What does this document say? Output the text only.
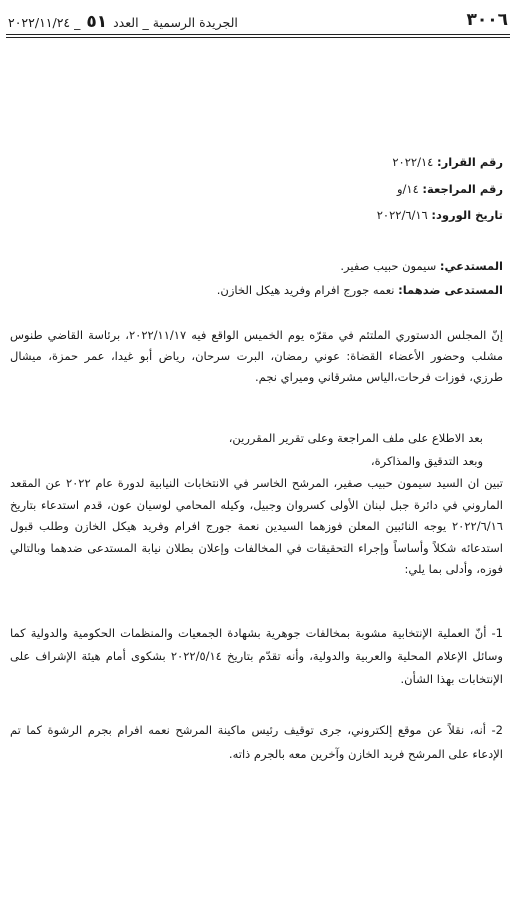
٣٠٠٦
الجريدة الرسمية _ العدد ٥١ _ ٢٠٢٢/١١/٢٤
رقم القرار: ٢٠٢٢/١٤
رقم المراجعة: ١٤/و
تاريخ الورود: ٢٠٢٢/٦/١٦
المستدعي: سيمون حبيب صفير.
المستدعى ضدهما: نعمه جورج افرام وفريد هيكل الخازن.
إنّ المجلس الدستوري الملتئم في مقرّه يوم الخميس الواقع فيه ٢٠٢٢/١١/١٧، برئاسة القاضي طنوس مشلب وحضور الأعضاء القضاة: عوني رمضان، البرت سرحان، رياض أبو غيدا، عمر حمزة، ميشال طرزي، فوزات فرحات،الياس مشرقاني وميراي نجم.
بعد الاطلاع على ملف المراجعة وعلى تقرير المقررين،
وبعد التدقيق والمذاكرة،
تبين ان السيد سيمون حبيب صفير، المرشح الخاسر في الانتخابات النيابية لدورة عام ٢٠٢٢ عن المقعد الماروني في دائرة جبل لبنان الأولى كسروان وجبيل، وكيله المحامي لوسيان عون، قدم استدعاء بتاريخ ٢٠٢٢/٦/١٦ يوجه النائبين المعلن فوزهما السيدين نعمة جورج افرام وفريد هيكل الخازن وطلب قبول استدعائه شكلاً وأساساً وإجراء التحقيقات في المخالفات وإعلان بطلان نيابة المستدعى ضدهما وبالتالي فوزه، وأدلى بما يلي:
1- أنّ العملية الإنتخابية مشوبة بمخالفات جوهرية بشهادة الجمعيات والمنظمات الحكومية والدولية كما وسائل الإعلام المحلية والعربية والدولية، وأنه تقدّم بتاريخ ٢٠٢٢/٥/١٤ بشكوى أمام هيئة الإشراف على الإنتخابات بهذا الشأن.
2- أنه، نقلاً عن موقع إلكتروني، جرى توقيف رئيس ماكينة المرشح نعمه افرام بجرم الرشوة كما تم الإدعاء على المرشح فريد الخازن وآخرين معه بالجرم ذاته.
